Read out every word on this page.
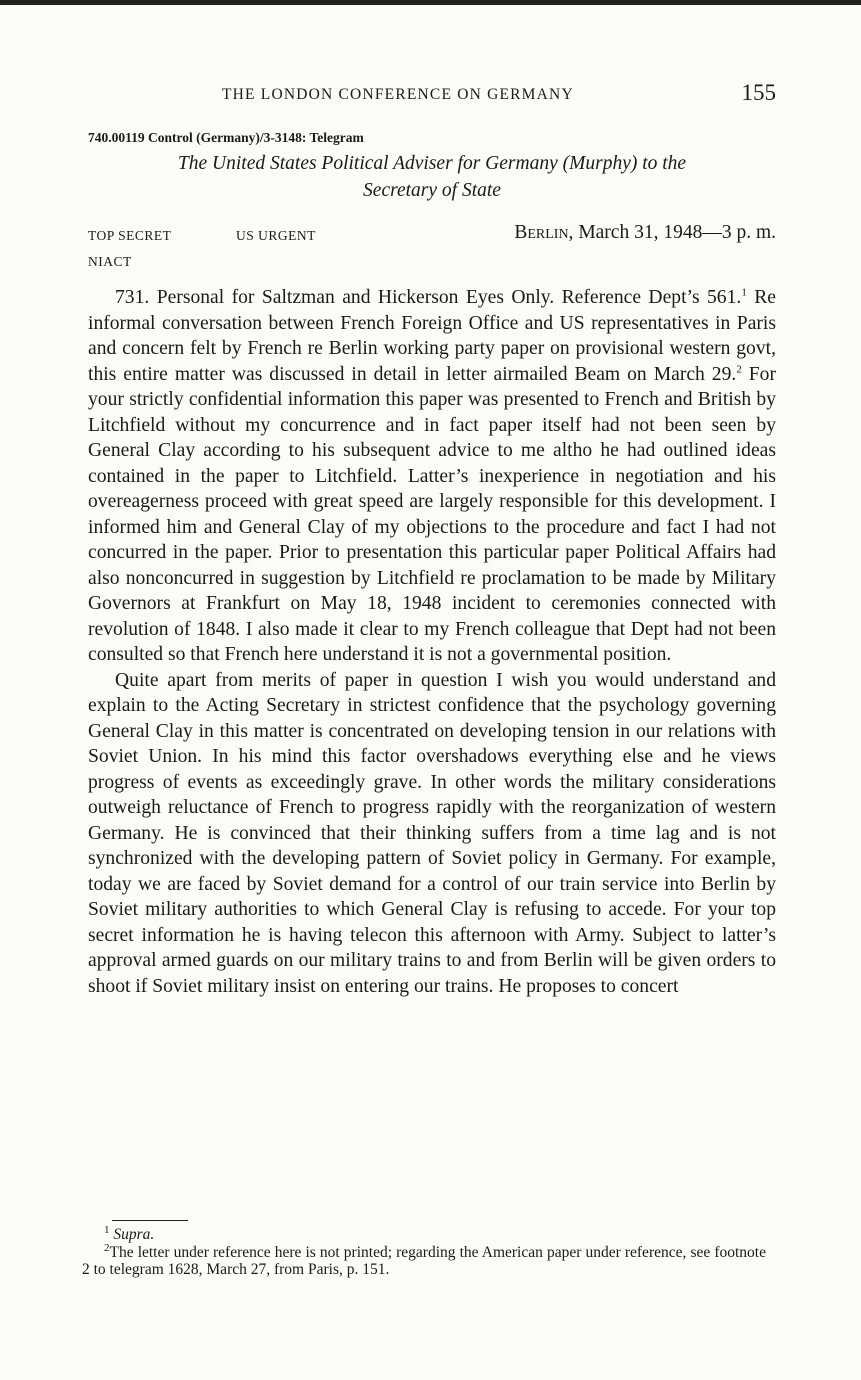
THE LONDON CONFERENCE ON GERMANY	155
740.00119 Control (Germany)/3-3148: Telegram
The United States Political Adviser for Germany (Murphy) to the
Secretary of State
TOP SECRET	US URGENT	Berlin, March 31, 1948—3 p. m.
NIACT

731. Personal for Saltzman and Hickerson Eyes Only. Reference Dept’s 561.$^1$ Re informal conversation between French Foreign Office and US representatives in Paris and concern felt by French re Berlin working party paper on provisional western govt, this entire matter was discussed in detail in letter airmailed Beam on March 29.$^2$ For your strictly confidential information this paper was presented to French and British by Litchfield without my concurrence and in fact paper itself had not been seen by General Clay according to his subsequent advice to me altho he had outlined ideas contained in the paper to Litchfield. Latter’s inexperience in negotiation and his overeagerness proceed with great speed are largely responsible for this development. I informed him and General Clay of my objections to the procedure and fact I had not concurred in the paper. Prior to presentation this particular paper Political Affairs had also nonconcurred in suggestion by Litchfield re proclamation to be made by Military Governors at Frankfurt on May 18, 1948 incident to ceremonies connected with revolution of 1848. I also made it clear to my French colleague that Dept had not been consulted so that French here understand it is not a governmental position.

Quite apart from merits of paper in question I wish you would understand and explain to the Acting Secretary in strictest confidence that the psychology governing General Clay in this matter is concentrated on developing tension in our relations with Soviet Union. In his mind this factor overshadows everything else and he views progress of events as exceedingly grave. In other words the military considerations outweigh reluctance of French to progress rapidly with the reorganization of western Germany. He is convinced that their thinking suffers from a time lag and is not synchronized with the developing pattern of Soviet policy in Germany. For example, today we are faced by Soviet demand for a control of our train service into Berlin by Soviet military authorities to which General Clay is refusing to accede. For your top secret information he is having telecon this afternoon with Army. Subject to latter’s approval armed guards on our military trains to and from Berlin will be given orders to shoot if Soviet military insist on entering our trains. He proposes to concert

$^1$ Supra.

$^2$The letter under reference here is not printed; regarding the American paper under reference, see footnote 2 to telegram 1628, March 27, from Paris, p. 151.
